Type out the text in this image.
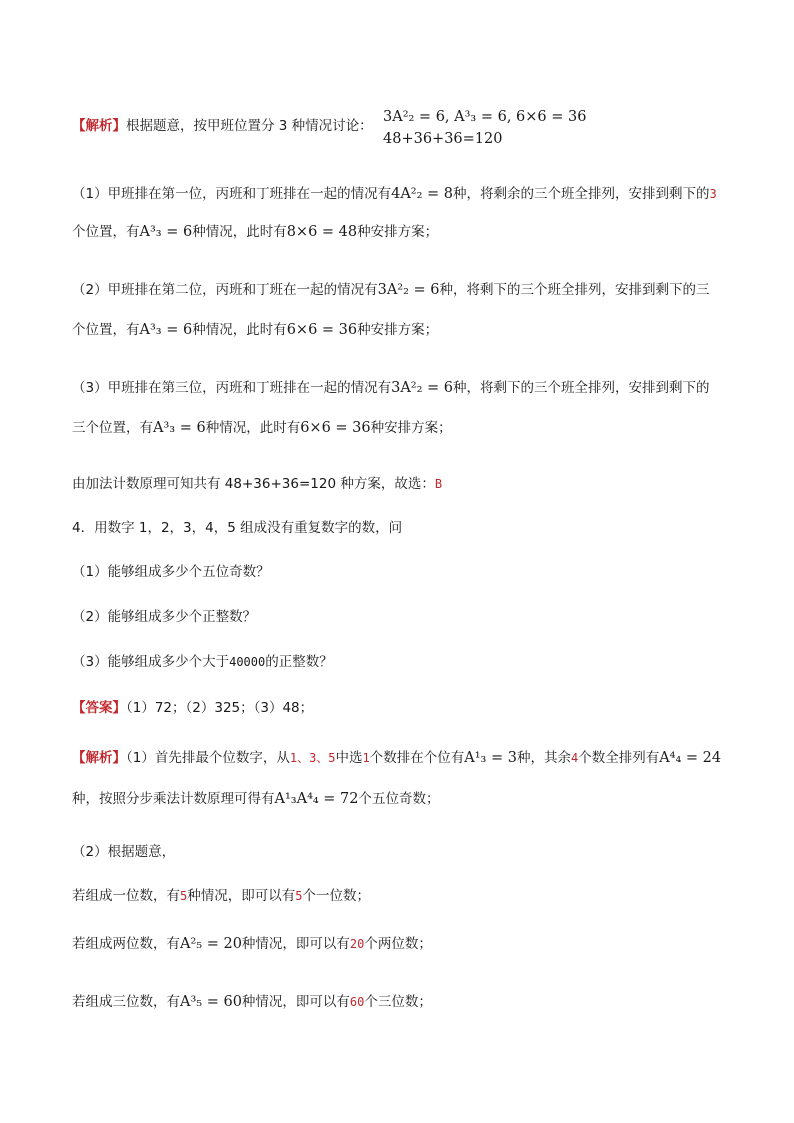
【解析】根据题意，按甲班位置分 3 种情况讨论：
3A²₂ = 6, A³₃ = 6, 6×6 = 36
48+36+36=120
（1）甲班排在第一位，丙班和丁班排在一起的情况有4A²₂ = 8种，将剩余的三个班全排列，安排到剩下的3
个位置，有A³₃ = 6种情况，此时有8×6 = 48种安排方案；
（2）甲班排在第二位，丙班和丁班在一起的情况有3A²₂ = 6种，将剩下的三个班全排列，安排到剩下的三
个位置，有A³₃ = 6种情况，此时有6×6 = 36种安排方案；
（3）甲班排在第三位，丙班和丁班排在一起的情况有3A²₂ = 6种，将剩下的三个班全排列，安排到剩下的
三个位置，有A³₃ = 6种情况，此时有6×6 = 36种安排方案；
由加法计数原理可知共有 48+36+36=120 种方案，故选：B
4．用数字 1，2，3，4，5 组成没有重复数字的数，问
（1）能够组成多少个五位奇数？
（2）能够组成多少个正整数？
（3）能够组成多少个大于40000的正整数？
【答案】（1）72；（2）325；（3）48；
【解析】（1）首先排最个位数字，从1、3、5中选1个数排在个位有A¹₃ = 3种，其余4个数全排列有A⁴₄ = 24
种，按照分步乘法计数原理可得有A¹₃A⁴₄ = 72个五位奇数；
（2）根据题意，
若组成一位数，有5种情况，即可以有5个一位数；
若组成两位数，有A²₅ = 20种情况，即可以有20个两位数；
若组成三位数，有A³₅ = 60种情况，即可以有60个三位数；
